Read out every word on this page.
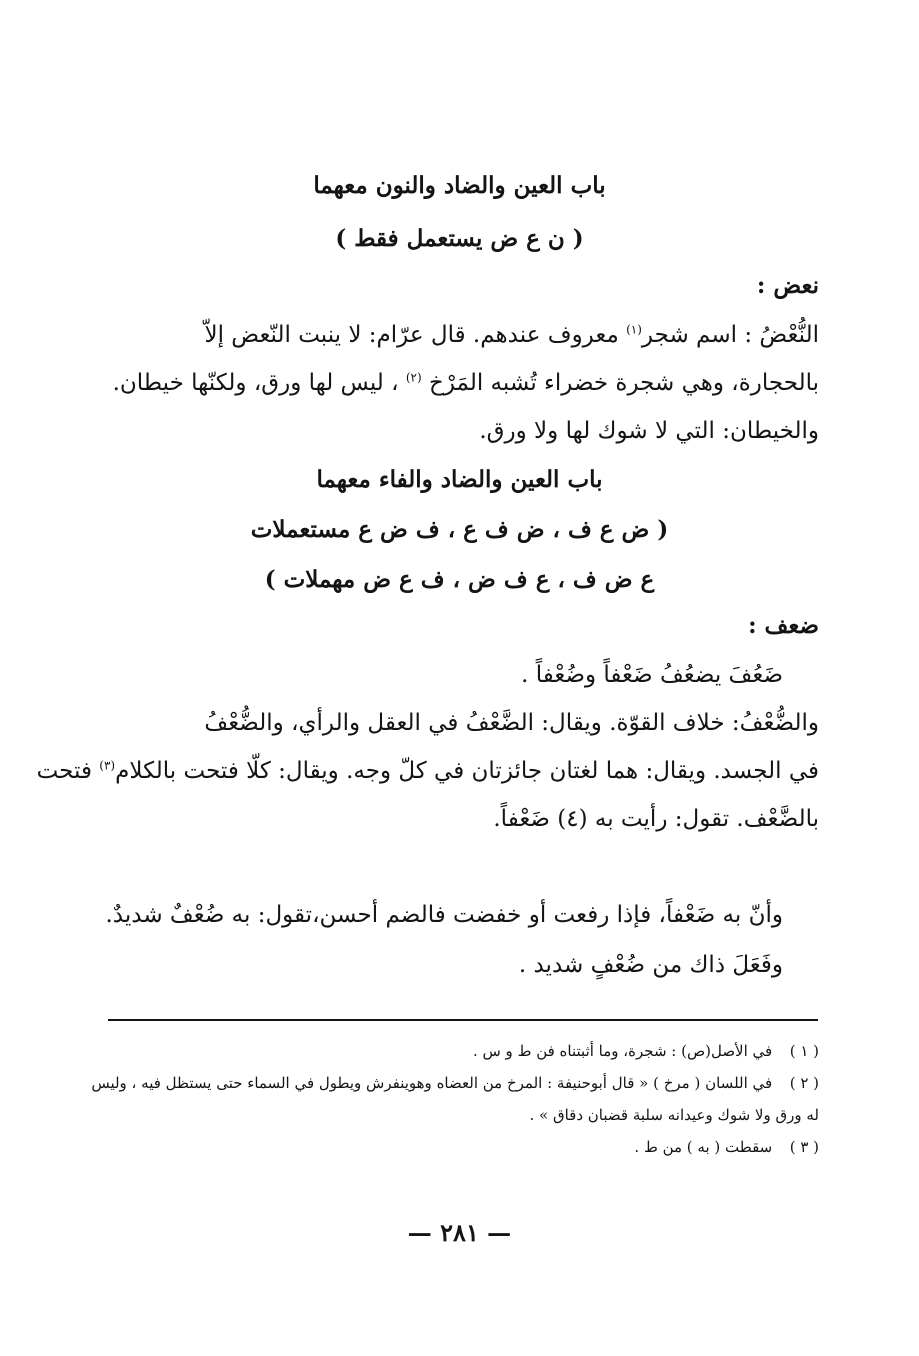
باب العين والضاد والنون معهما
( ن ع ض يستعمل فقط )
نعض :
النُّعْضُ : اسم شجر$^{(١)}$ معروف عندهم. قال عرّام: لا ينبت النّعض إلاّ
بالحجارة، وهي شجرة خضراء تُشبه المَرْخ $^{(٢)}$ ، ليس لها ورق، ولكنّها خيطان.
والخيطان: التي لا شوك لها ولا ورق.
باب العين والضاد والفاء معهما
( ض ع ف ، ض ف ع ، ف ض ع مستعملات
ع ض ف ، ع ف ض ، ف ع ض مهملات )
ضعف :
ضَعُفَ يضعُفُ ضَعْفاً وضُعْفاً .
والضُّعْفُ: خلاف القوّة. ويقال: الضَّعْفُ في العقل والرأي، والضُّعْفُ
في الجسد. ويقال: هما لغتان جائزتان في كلّ وجه. ويقال: كلّا فتحت بالكلام$^{(٣)}$ فتحت
بالضَّعْف. تقول: رأيت به (٤) ضَعْفاً.
وأنّ به ضَعْفاً، فإذا رفعت أو خفضت فالضم أحسن،تقول: به ضُعْفٌ شديدٌ.
وفَعَلَ ذاك من ضُعْفٍ شديد .
( ١ ) في الأصل(ص) : شجرة، وما أثبتناه فن ط و س .
( ٢ ) في اللسان ( مرخ ) « قال أبوحنيفة : المرخ من العضاه وهوينفرش ويطول في السماء حتى يستظل فيه ، وليس
له ورق ولا شوك وعيدانه سلبة قضبان دقاق » .
( ٣ ) سقطت ( به ) من ط .
— ٢٨١ —
